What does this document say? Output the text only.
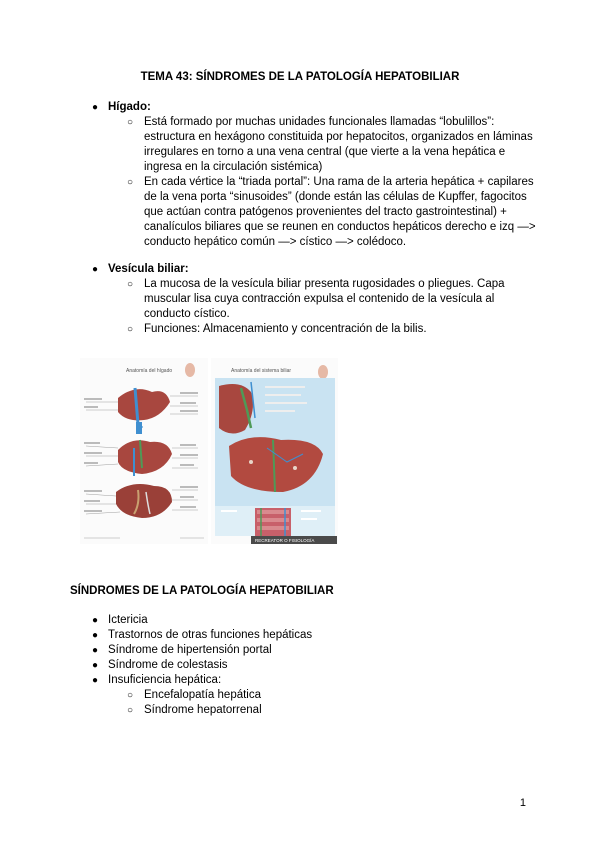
TEMA 43: SÍNDROMES DE LA PATOLOGÍA HEPATOBILIAR
● Hígado:
○ Está formado por muchas unidades funcionales llamadas “lobulillos”: estructura en hexágono constituida por hepatocitos, organizados en láminas irregulares en torno a una vena central (que vierte a la vena hepática e ingresa en la circulación sistémica)
○ En cada vértice la “triada portal”: Una rama de la arteria hepática + capilares de la vena porta “sinusoides” (donde están las células de Kupffer, fagocitos que actúan contra patógenos provenientes del tracto gastrointestinal) + canalículos biliares que se reunen en conductos hepáticos derecho e izq —> conducto hepático común —> cístico —> colédoco.
● Vesícula biliar:
○ La mucosa de la vesícula biliar presenta rugosidades o pliegues. Capa muscular lisa cuya contracción expulsa el contenido de la vesícula al conducto cístico.
○ Funciones: Almacenamiento y concentración de la bilis.
Anatomía del hígado	Anatomía del sistema biliar
RECREATOR O FISIOLOGÍA
SÍNDROMES DE LA PATOLOGÍA HEPATOBILIAR
● Ictericia
● Trastornos de otras funciones hepáticas
● Síndrome de hipertensión portal
● Síndrome de colestasis
● Insuficiencia hepática:
○ Encefalopatía hepática
○ Síndrome hepatorrenal
1
